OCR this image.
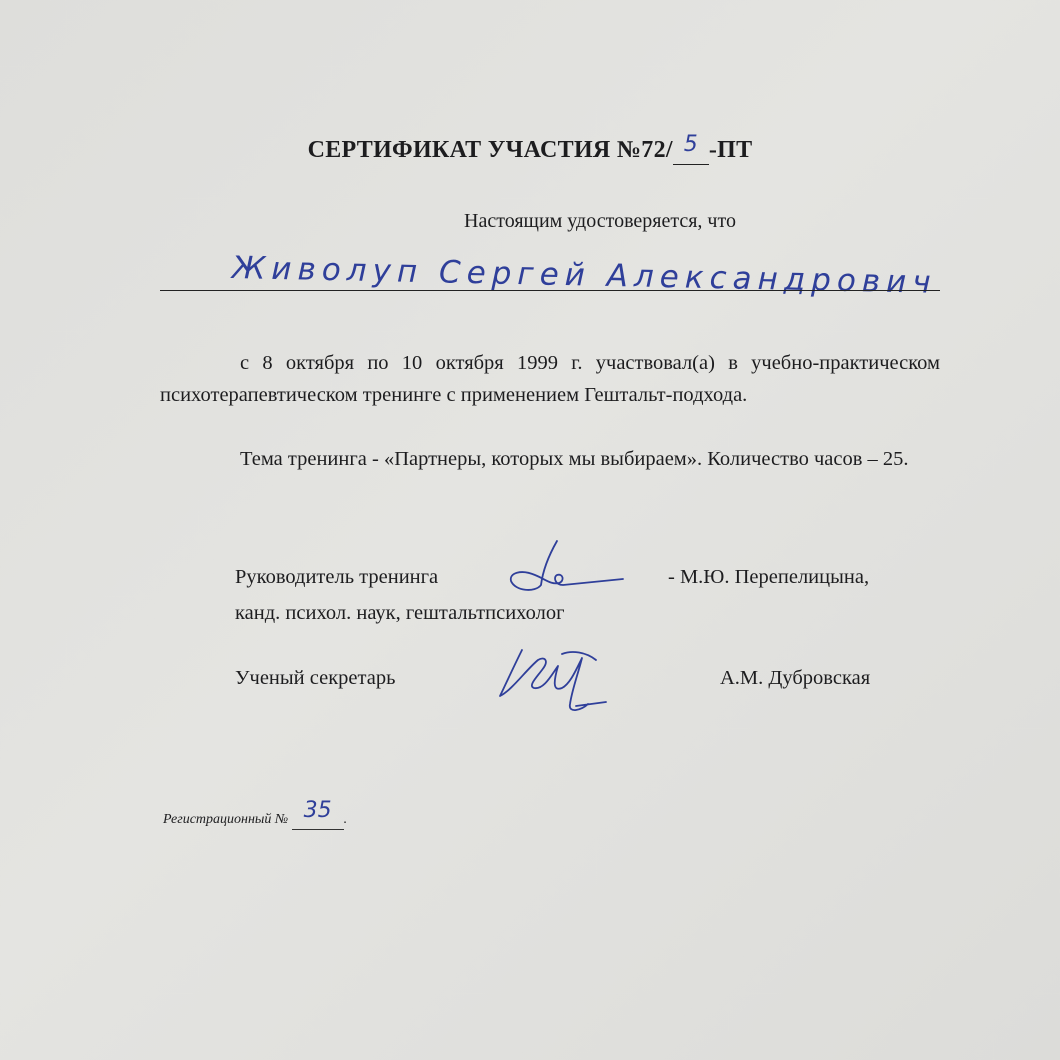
СЕРТИФИКАТ УЧАСТИЯ №72/ 5 -ПТ
Настоящим удостоверяется, что
Живолуп Сергей Александрович
с 8 октября по 10 октября 1999 г. участвовал(а) в учебно-практическом психотерапевтическом тренинге с применением Гештальт-подхода.
Тема тренинга - «Партнеры, которых мы выбираем». Количество часов – 25.
Руководитель тренинга	- М.Ю. Перепелицына,
канд. психол. наук, гештальтпсихолог
Ученый секретарь	А.М. Дубровская
Регистрационный № 35 .
